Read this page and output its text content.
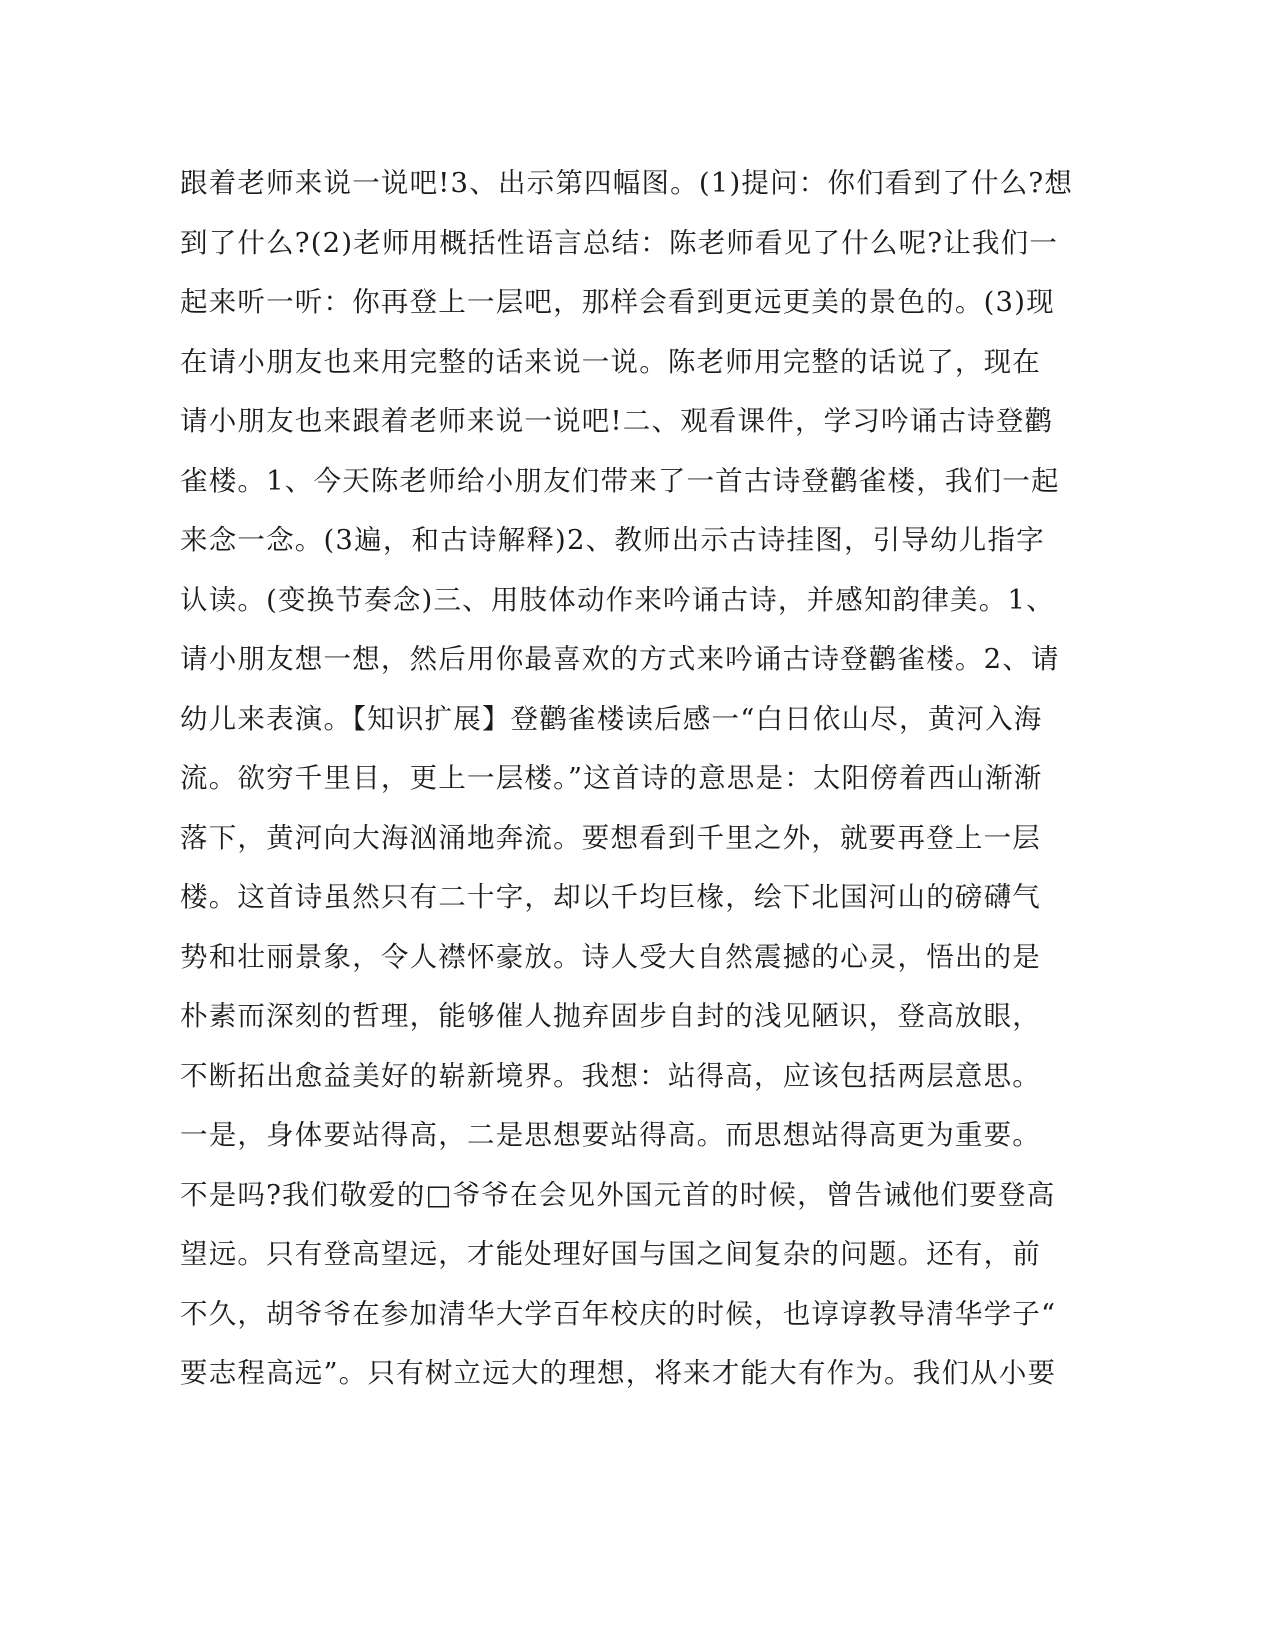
跟着老师来说一说吧!3、出示第四幅图。(1)提问：你们看到了什么?想
到了什么?(2)老师用概括性语言总结：陈老师看见了什么呢?让我们一
起来听一听：你再登上一层吧，那样会看到更远更美的景色的。(3)现
在请小朋友也来用完整的话来说一说。陈老师用完整的话说了，现在
请小朋友也来跟着老师来说一说吧!二、观看课件，学习吟诵古诗登鹳
雀楼。1、今天陈老师给小朋友们带来了一首古诗登鹳雀楼，我们一起
来念一念。(3遍，和古诗解释)2、教师出示古诗挂图，引导幼儿指字
认读。(变换节奏念)三、用肢体动作来吟诵古诗，并感知韵律美。1、
请小朋友想一想，然后用你最喜欢的方式来吟诵古诗登鹳雀楼。2、请
幼儿来表演。【知识扩展】登鹳雀楼读后感一“白日依山尽，黄河入海
流。欲穷千里目，更上一层楼。”这首诗的意思是：太阳傍着西山渐渐
落下，黄河向大海汹涌地奔流。要想看到千里之外，就要再登上一层
楼。这首诗虽然只有二十字，却以千均巨椽，绘下北国河山的磅礴气
势和壮丽景象，令人襟怀豪放。诗人受大自然震撼的心灵，悟出的是
朴素而深刻的哲理，能够催人抛弃固步自封的浅见陋识，登高放眼，
不断拓出愈益美好的崭新境界。我想：站得高，应该包括两层意思。
一是，身体要站得高，二是思想要站得高。而思想站得高更为重要。
不是吗?我们敬爱的□爷爷在会见外国元首的时候，曾告诫他们要登高
望远。只有登高望远，才能处理好国与国之间复杂的问题。还有，前
不久，胡爷爷在参加清华大学百年校庆的时候，也谆谆教导清华学子“
要志程高远”。只有树立远大的理想，将来才能大有作为。我们从小要
